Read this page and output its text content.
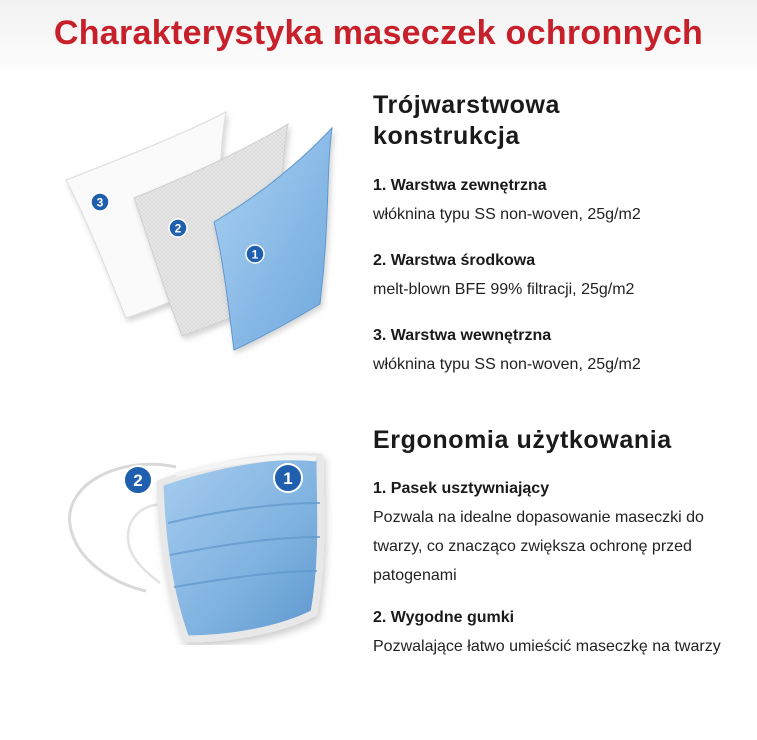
Charakterystyka maseczek ochronnych
3
2
1
2	1
Trójwarstwowa konstrukcja
1. Warstwa zewnętrzna
włóknina typu SS non-woven, 25g/m2
2. Warstwa środkowa
melt-blown BFE 99% filtracji, 25g/m2
3. Warstwa wewnętrzna
włóknina typu SS non-woven, 25g/m2
Ergonomia użytkowania
1. Pasek usztywniający
Pozwala na idealne dopasowanie maseczki do twarzy, co znacząco zwiększa ochronę przed patogenami
2. Wygodne gumki
Pozwalające łatwo umieścić maseczkę na twarzy
